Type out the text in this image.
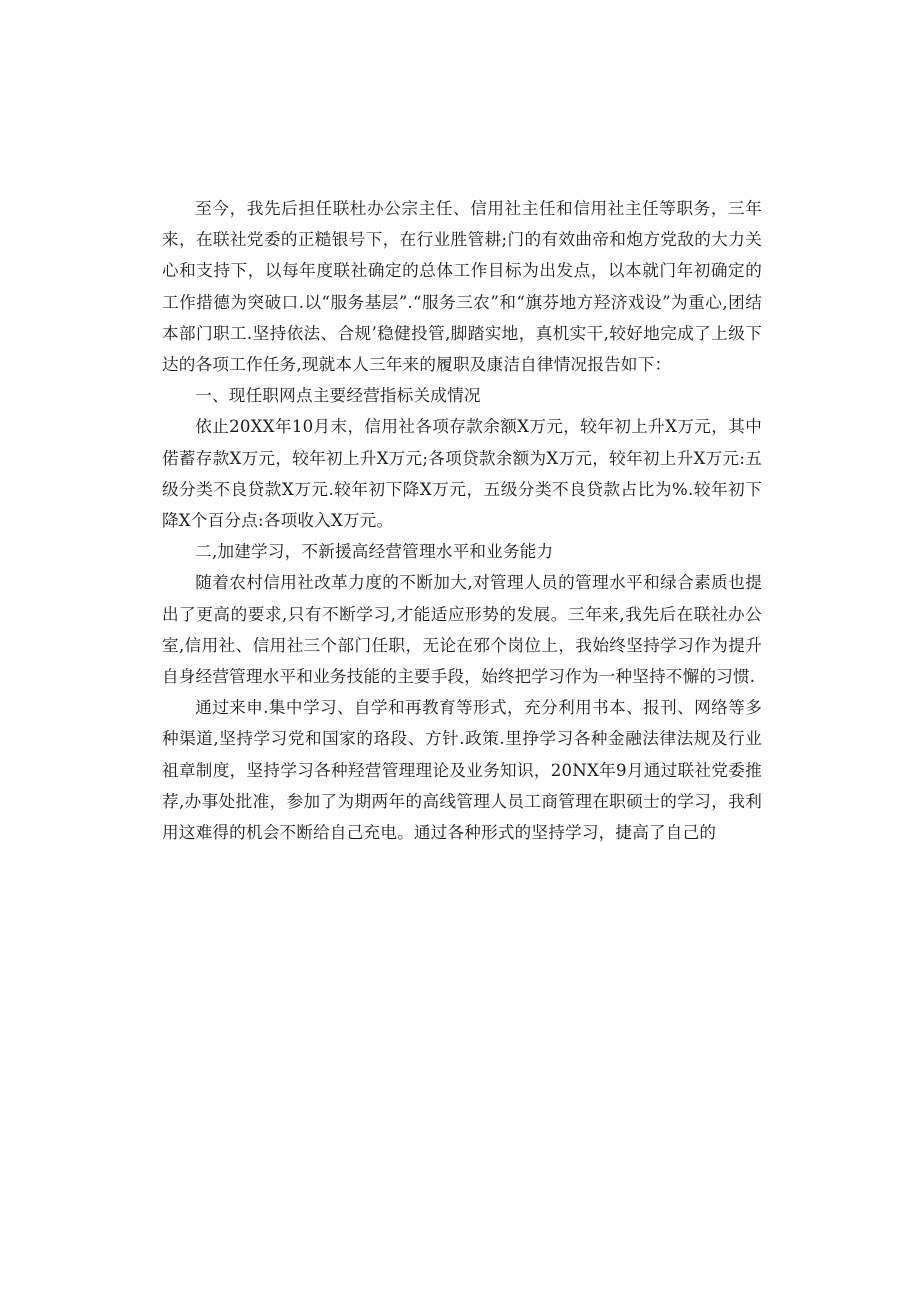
至今，我先后担任联杜办公宗主任、信用社主任和信用社主任等职务，三年来，在联社党委的正糙银号下，在行业胜管耕;门的有效曲帝和炮方党敌的大力关心和支持下，以每年度联社确定的总体工作目标为出发点，以本就门年初确定的工作措德为突破口.以“服务基层”.“服务三农”和“旗芬地方羟济戏设”为重心,团结本部门职工.坚持依法、合规’稳健投管,脚踏实地，真机实干,较好地完成了上级下达的各项工作任务,现就本人三年来的履职及康洁自律情况报告如下：

一、现任职网点主要经营指标关成情况

依止20XX年10月末，信用社各项存款余额X万元，较年初上升X万元，其中偌蓄存款X万元，较年初上升X万元;各项贷款余额为X万元，较年初上升X万元:五级分类不良贷款X万元.较年初下降X万元，五级分类不良贷款占比为%.较年初下降X个百分点:各项收入X万元。

二,加建学习，不新援高经营管理水平和业务能力

随着农村信用社改革力度的不断加大,对管理人员的管理水平和绿合素质也提出了更高的要求,只有不断学习,才能适应形势的发展。三年来,我先后在联社办公室,信用社、信用社三个部门任职，无论在邪个岗位上，我始终坚持学习作为提升自身经营管理水平和业务技能的主要手段，始终把学习作为一种坚持不懈的习惯.

通过来申.集中学习、自学和再教育等形式，充分利用书本、报刊、网络等多种渠道,坚持学习党和国家的珞段、方针.政策.里挣学习各种金融法律法规及行业祖章制度，坚持学习各种羟营管理理论及业务知识，20NX年9月通过联社党委推荐,办事处批准，参加了为期两年的高线管理人员工商管理在职硕士的学习，我利用这难得的机会不断给自己充电。通过各种形式的坚持学习，捷高了自己的
